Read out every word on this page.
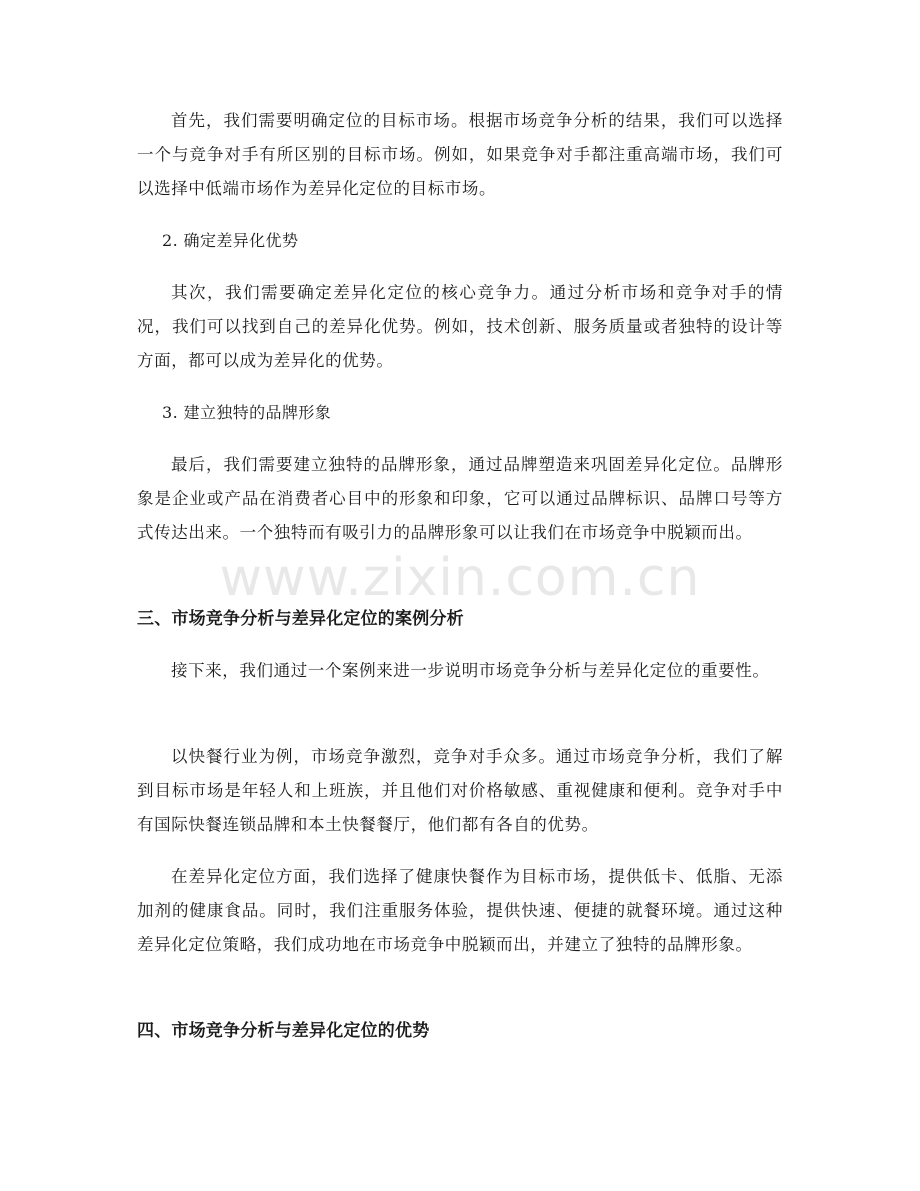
首先，我们需要明确定位的目标市场。根据市场竞争分析的结果，我们可以选择一个与竞争对手有所区别的目标市场。例如，如果竞争对手都注重高端市场，我们可以选择中低端市场作为差异化定位的目标市场。

2. 确定差异化优势

其次，我们需要确定差异化定位的核心竞争力。通过分析市场和竞争对手的情况，我们可以找到自己的差异化优势。例如，技术创新、服务质量或者独特的设计等方面，都可以成为差异化的优势。

3. 建立独特的品牌形象

最后，我们需要建立独特的品牌形象，通过品牌塑造来巩固差异化定位。品牌形象是企业或产品在消费者心目中的形象和印象，它可以通过品牌标识、品牌口号等方式传达出来。一个独特而有吸引力的品牌形象可以让我们在市场竞争中脱颖而出。

三、市场竞争分析与差异化定位的案例分析

接下来，我们通过一个案例来进一步说明市场竞争分析与差异化定位的重要性。

以快餐行业为例，市场竞争激烈，竞争对手众多。通过市场竞争分析，我们了解到目标市场是年轻人和上班族，并且他们对价格敏感、重视健康和便利。竞争对手中有国际快餐连锁品牌和本土快餐餐厅，他们都有各自的优势。

在差异化定位方面，我们选择了健康快餐作为目标市场，提供低卡、低脂、无添加剂的健康食品。同时，我们注重服务体验，提供快速、便捷的就餐环境。通过这种差异化定位策略，我们成功地在市场竞争中脱颖而出，并建立了独特的品牌形象。

四、市场竞争分析与差异化定位的优势
www.zixin.com.cn
